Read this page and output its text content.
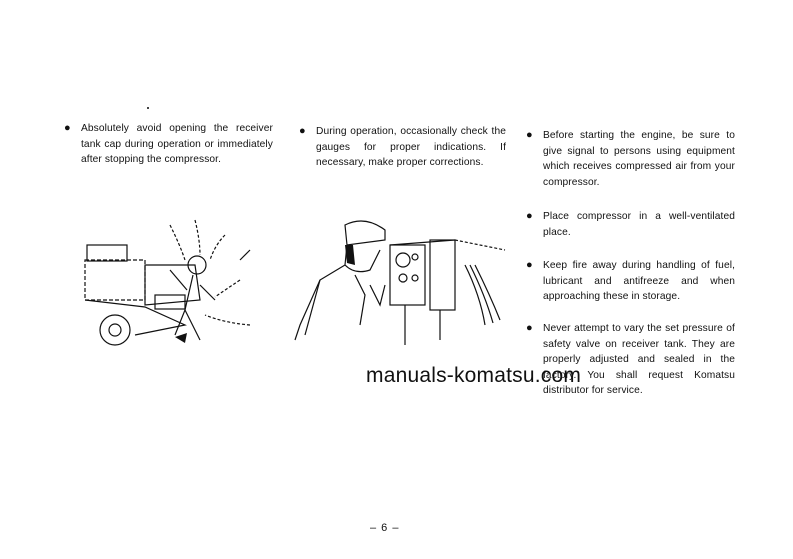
● Absolutely avoid opening the receiver tank cap during operation or immediately after stopping the compressor.
● During operation, occasionally check the gauges for proper indications. If necessary, make proper corrections.
● Before starting the engine, be sure to give signal to persons using equipment which receives compressed air from your compressor.
● Place compressor in a well-ventilated place.
● Keep fire away during handling of fuel, lubricant and antifreeze and when approaching these in storage.
● Never attempt to vary the set pressure of safety valve on receiver tank. They are properly adjusted and sealed in the factory. You shall request Komatsu distributor for service.
manuals-komatsu.com
– 6 –
